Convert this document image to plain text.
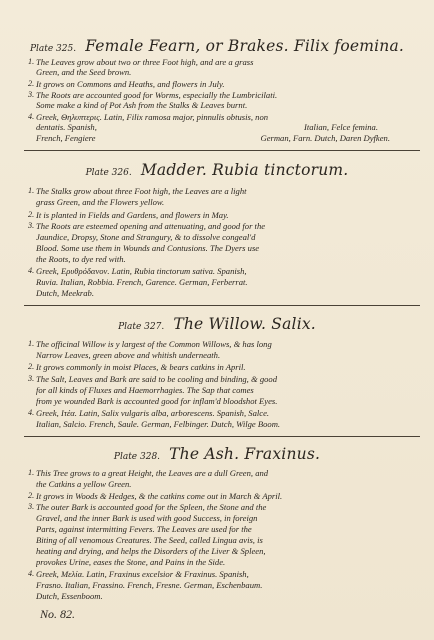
Plate 325. Female Fearn, or Brakes. Filix foemina.
1. The Leaves grow about two or three Foot high, and are a grass
Green, and the Seed brown.
2. It grows on Commons and Heaths, and flowers in July.
3. The Roots are accounted good for Worms, especially the Lumbricilati.
Some make a kind of Pot Ash from the Stalks & Leaves burnt.
4. Greek, Θηλυπτερις. Latin, Filix ramosa major, pinnulis obtusis, non
dentatis. Spanish,	Italian, Felce femina.
French, Fengiere	German, Farn. Dutch, Daren Dyfken.
Plate 326. Madder. Rubia tinctorum.
1. The Stalks grow about three Foot high, the Leaves are a light
grass Green, and the Flowers yellow.
2. It is planted in Fields and Gardens, and flowers in May.
3. The Roots are esteemed opening and attenuating, and good for the
Jaundice, Dropsy, Stone and Strangury, & to dissolve congeal'd
Blood. Some use them in Wounds and Contusions. The Dyers use
the Roots, to dye red with.
4. Greek, Ερυθρόδανον. Latin, Rubia tinctorum sativa. Spanish,
Ruvia. Italian, Robbia. French, Garence. German, Ferberrat.
Dutch, Meekrab.
Plate 327. The Willow. Salix.
1. The officinal Willow is y largest of the Common Willows, & has long
Narrow Leaves, green above and whitish underneath.
2. It grows commonly in moist Places, & bears catkins in April.
3. The Salt, Leaves and Bark are said to be cooling and binding, & good
for all kinds of Fluxes and Haemorrhagies. The Sap that comes
from ye wounded Bark is accounted good for inflam'd bloodshot Eyes.
4. Greek, Ιτέα. Latin, Salix vulgaris alba, arborescens. Spanish, Salce.
Italian, Salcio. French, Saule. German, Felbinger. Dutch, Wilge Boom.
Plate 328. The Ash. Fraxinus.
1. This Tree grows to a great Height, the Leaves are a dull Green, and
the Catkins a yellow Green.
2. It grows in Woods & Hedges, & the catkins come out in March & April.
3. The outer Bark is accounted good for the Spleen, the Stone and the
Gravel, and the inner Bark is used with good Success, in foreign
Parts, against intermitting Fevers. The Leaves are used for the
Biting of all venomous Creatures. The Seed, called Lingua avis, is
heating and drying, and helps the Disorders of the Liver & Spleen,
provokes Urine, eases the Stone, and Pains in the Side.
4. Greek, Μελία. Latin, Fraxinus excelsior & Fraxinus. Spanish,
Frasno. Italian, Frassino. French, Fresne. German, Eschenbaum.
Dutch, Essenboom.
No. 82.
